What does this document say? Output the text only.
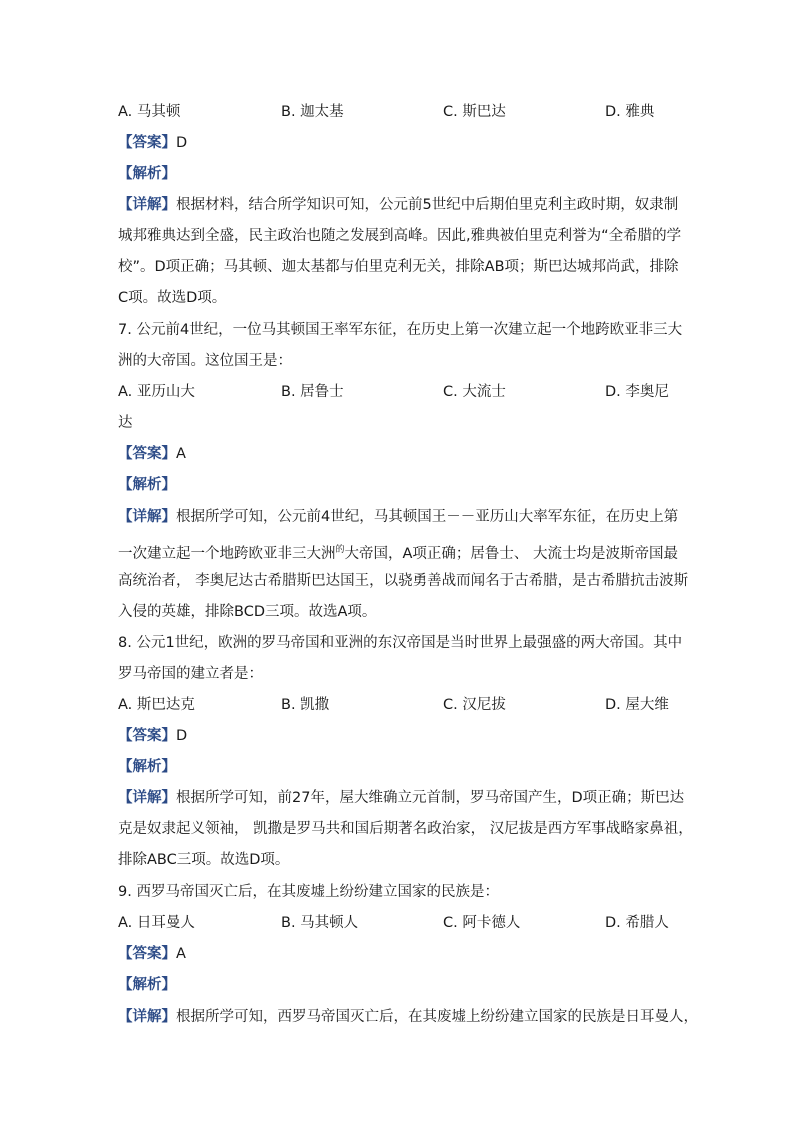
A. 马其顿	B. 迦太基	C. 斯巴达	D. 雅典
【答案】D
【解析】
【详解】根据材料，结合所学知识可知，公元前5世纪中后期伯里克利主政时期，奴隶制
城邦雅典达到全盛，民主政治也随之发展到高峰。因此,雅典被伯里克利誉为“全希腊的学
校”。D项正确；马其顿、迦太基都与伯里克利无关，排除AB项；斯巴达城邦尚武，排除
C项。故选D项。
7. 公元前4世纪，一位马其顿国王率军东征，在历史上第一次建立起一个地跨欧亚非三大
洲的大帝国。这位国王是：
A. 亚历山大	B. 居鲁士	C. 大流士	D. 李奥尼
达
【答案】A
【解析】
【详解】根据所学可知，公元前4世纪，马其顿国王－－亚历山大率军东征，在历史上第
一次建立起一个地跨欧亚非三大洲$^的$大帝国，A项正确；居鲁士、 大流士均是波斯帝国最
高统治者， 李奥尼达古希腊斯巴达国王，以骁勇善战而闻名于古希腊，是古希腊抗击波斯
入侵的英雄，排除BCD三项。故选A项。
8. 公元1世纪，欧洲的罗马帝国和亚洲的东汉帝国是当时世界上最强盛的两大帝国。其中
罗马帝国的建立者是：
A. 斯巴达克	B. 凯撒	C. 汉尼拔	D. 屋大维
【答案】D
【解析】
【详解】根据所学可知，前27年，屋大维确立元首制，罗马帝国产生，D项正确；斯巴达
克是奴隶起义领袖， 凯撒是罗马共和国后期著名政治家， 汉尼拔是西方军事战略家鼻祖，
排除ABC三项。故选D项。
9. 西罗马帝国灭亡后，在其废墟上纷纷建立国家的民族是：
A. 日耳曼人	B. 马其顿人	C. 阿卡德人	D. 希腊人
【答案】A
【解析】
【详解】根据所学可知，西罗马帝国灭亡后，在其废墟上纷纷建立国家的民族是日耳曼人，
